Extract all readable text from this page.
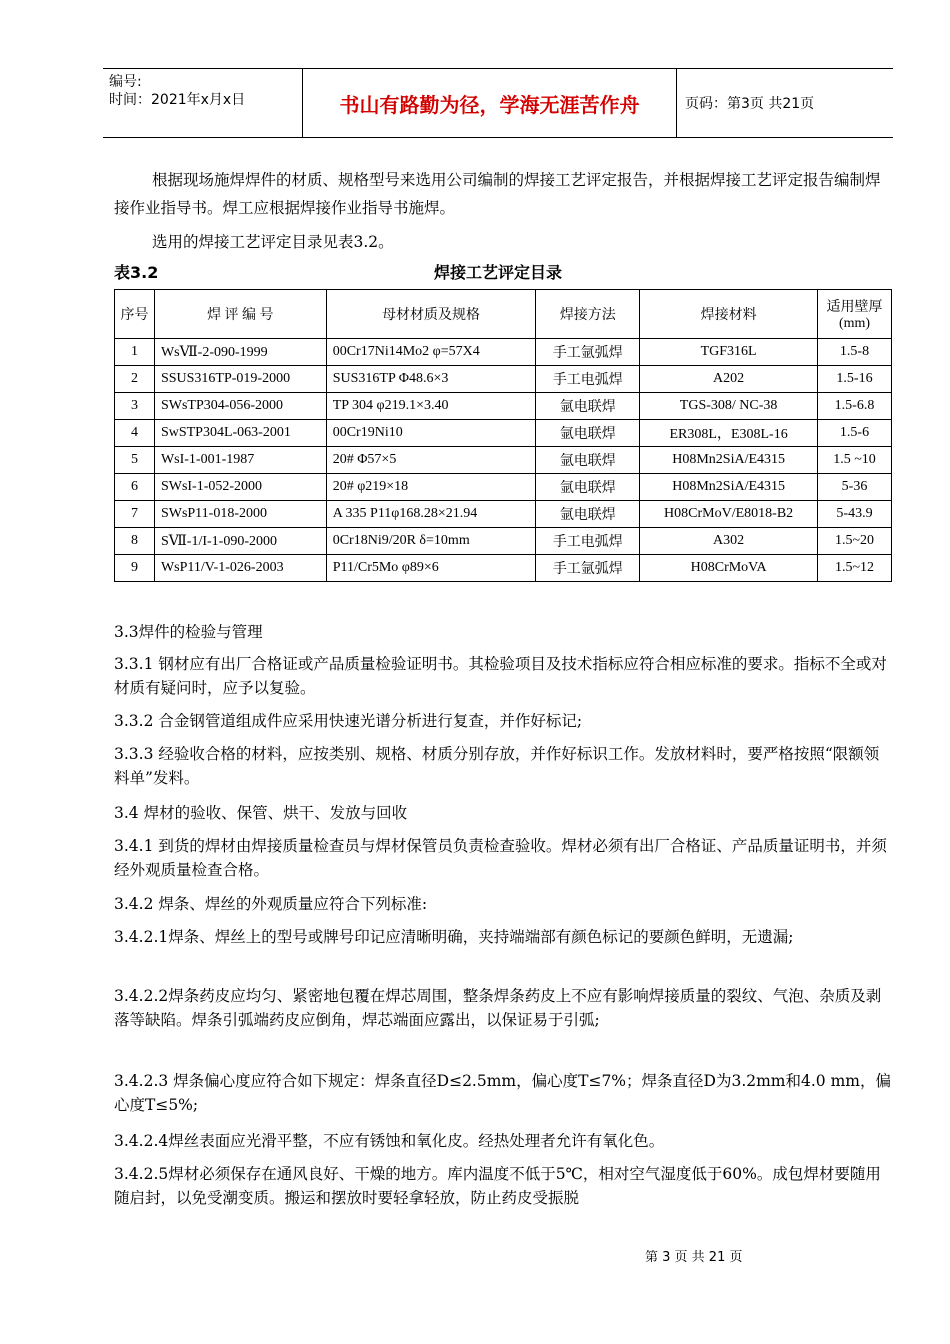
编号:
时间：2021年x月x日	书山有路勤为径，学海无涯苦作舟	页码：第3页 共21页
根据现场施焊焊件的材质、规格型号来选用公司编制的焊接工艺评定报告，并根据焊接工艺评定报告编制焊接作业指导书。焊工应根据焊接作业指导书施焊。
选用的焊接工艺评定目录见表3.2。
表3.2	焊接工艺评定目录
序号	焊 评 编 号	母材材质及规格	焊接方法	焊接材料	适用壁厚(mm)
1	WsⅦ-2-090-1999	00Cr17Ni14Mo2 φ=57X4	手工氩弧焊	TGF316L	1.5-8
2	SSUS316TP-019-2000	SUS316TP Φ48.6×3	手工电弧焊	A202	1.5-16
3	SWsTP304-056-2000	TP 304 φ219.1×3.40	氩电联焊	TGS-308/ NC-38	1.5-6.8
4	SwSTP304L-063-2001	00Cr19Ni10	氩电联焊	ER308L，E308L-16	1.5-6
5	WsI-1-001-1987	20# Φ57×5	氩电联焊	H08Mn2SiA/E4315	1.5 ~10
6	SWsI-1-052-2000	20# φ219×18	氩电联焊	H08Mn2SiA/E4315	5-36
7	SWsP11-018-2000	A 335 P11φ168.28×21.94	氩电联焊	H08CrMoV/E8018-B2	5-43.9
8	SⅦ-1/I-1-090-2000	0Cr18Ni9/20R δ=10mm	手工电弧焊	A302	1.5~20
9	WsP11/V-1-026-2003	P11/Cr5Mo φ89×6	手工氩弧焊	H08CrMoVA	1.5~12
3.3焊件的检验与管理
3.3.1 钢材应有出厂合格证或产品质量检验证明书。其检验项目及技术指标应符合相应标准的要求。指标不全或对材质有疑问时，应予以复验。
3.3.2 合金钢管道组成件应采用快速光谱分析进行复查，并作好标记;
3.3.3 经验收合格的材料，应按类别、规格、材质分别存放，并作好标识工作。发放材料时，要严格按照“限额领料单”发料。
3.4 焊材的验收、保管、烘干、发放与回收
3.4.1 到货的焊材由焊接质量检查员与焊材保管员负责检查验收。焊材必须有出厂合格证、产品质量证明书，并须经外观质量检查合格。
3.4.2 焊条、焊丝的外观质量应符合下列标准:
3.4.2.1焊条、焊丝上的型号或牌号印记应清晰明确，夹持端端部有颜色标记的要颜色鲜明，无遗漏;
3.4.2.2焊条药皮应均匀、紧密地包覆在焊芯周围，整条焊条药皮上不应有影响焊接质量的裂纹、气泡、杂质及剥落等缺陷。焊条引弧端药皮应倒角，焊芯端面应露出，以保证易于引弧;
3.4.2.3 焊条偏心度应符合如下规定：焊条直径D≤2.5mm，偏心度T≤7%；焊条直径D为3.2mm和4.0 mm，偏心度T≤5%;
3.4.2.4焊丝表面应光滑平整，不应有锈蚀和氧化皮。经热处理者允许有氧化色。
3.4.2.5焊材必须保存在通风良好、干燥的地方。库内温度不低于5℃，相对空气湿度低于60%。成包焊材要随用随启封，以免受潮变质。搬运和摆放时要轻拿轻放，防止药皮受振脱
第 3 页 共 21 页
